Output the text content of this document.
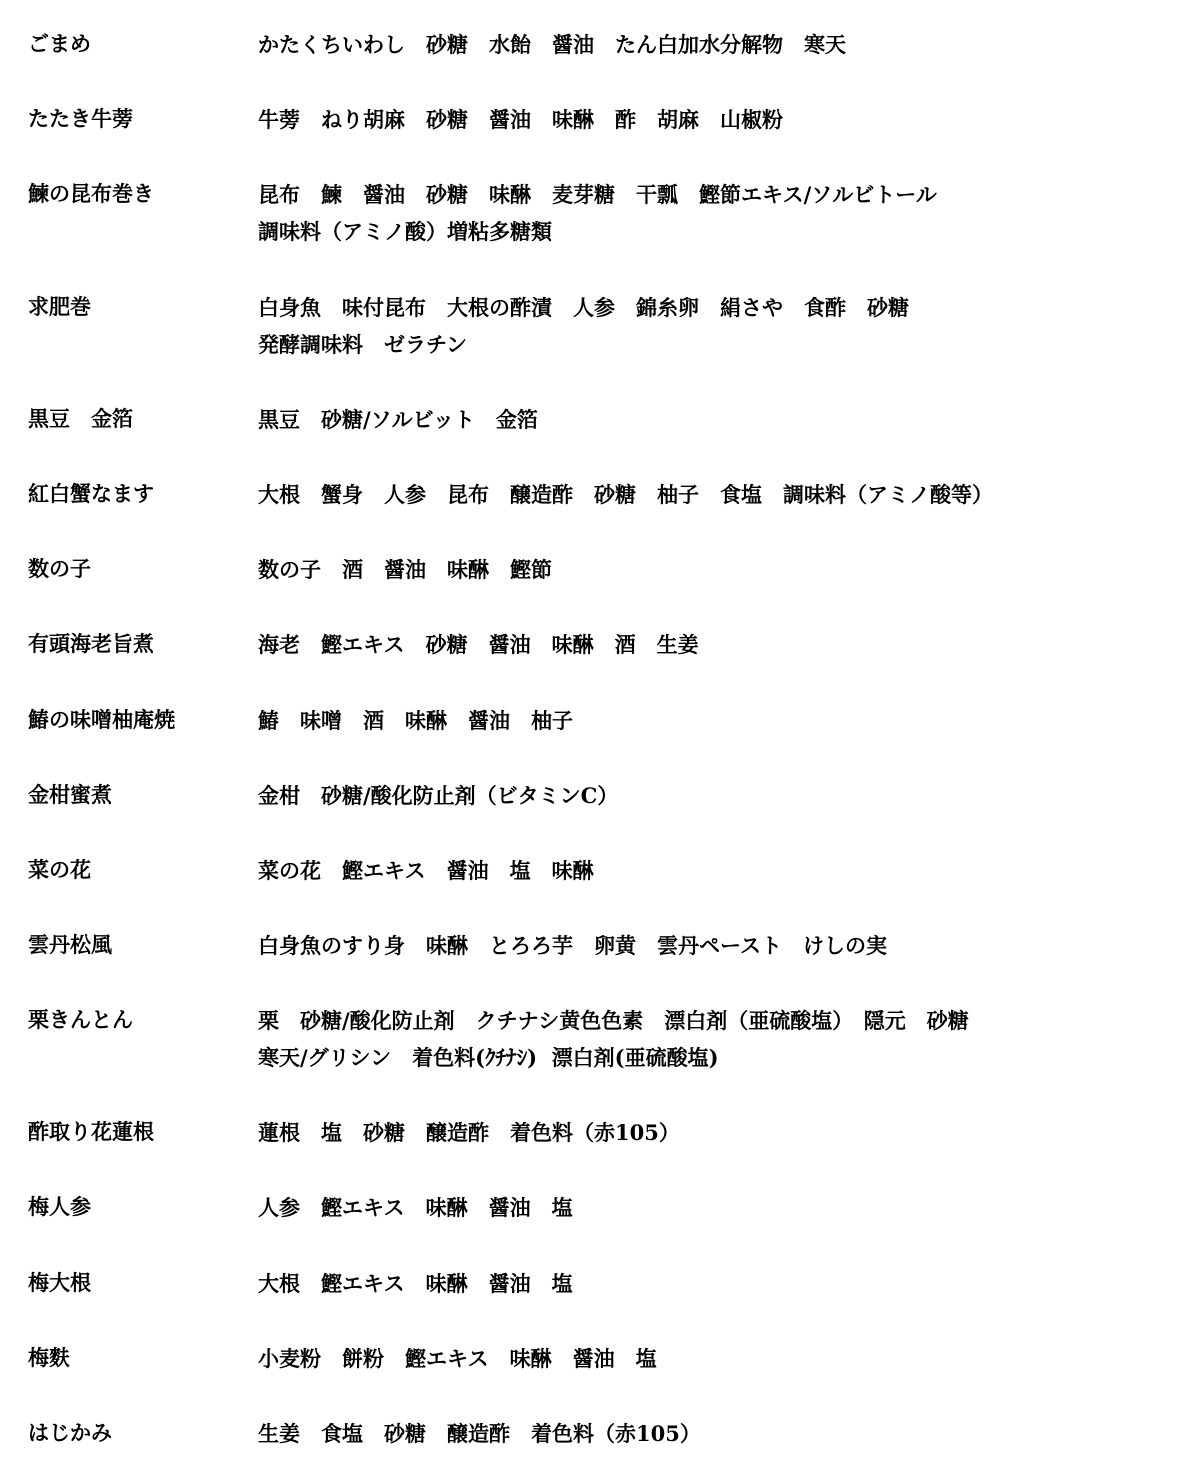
ごまめ	かたくちいわし　砂糖　水飴　醤油　たん白加水分解物　寒天
たたき牛蒡	牛蒡　ねり胡麻　砂糖　醤油　味醂　酢　胡麻　山椒粉
鰊の昆布巻き	昆布　鰊　醤油　砂糖　味醂　麦芽糖　干瓢　鰹節エキス/ソルビトール
調味料（アミノ酸）増粘多糖類
求肥巻	白身魚　味付昆布　大根の酢漬　人参　錦糸卵　絹さや　食酢　砂糖
発酵調味料　ゼラチン
黒豆　金箔	黒豆　砂糖/ソルビット　金箔
紅白蟹なます	大根　蟹身　人参　昆布　醸造酢　砂糖　柚子　食塩　調味料（アミノ酸等）
数の子	数の子　酒　醤油　味醂　鰹節
有頭海老旨煮	海老　鰹エキス　砂糖　醤油　味醂　酒　生姜
鰆の味噌柚庵焼	鰆　味噌　酒　味醂　醤油　柚子
金柑蜜煮	金柑　砂糖/酸化防止剤（ビタミンC）
菜の花	菜の花　鰹エキス　醤油　塩　味醂
雲丹松風	白身魚のすり身　味醂　とろろ芋　卵黄　雲丹ペースト　けしの実
栗きんとん	栗　砂糖/酸化防止剤　クチナシ黄色色素　漂白剤（亜硫酸塩）　隠元　砂糖
寒天/グリシン　着色料(ｸﾁﾅｼ)  漂白剤(亜硫酸塩)
酢取り花蓮根	蓮根　塩　砂糖　醸造酢　着色料（赤105）
梅人参	人参　鰹エキス　味醂　醤油　塩
梅大根	大根　鰹エキス　味醂　醤油　塩
梅麩	小麦粉　餅粉　鰹エキス　味醂　醤油　塩
はじかみ	生姜　食塩　砂糖　醸造酢　着色料（赤105）
